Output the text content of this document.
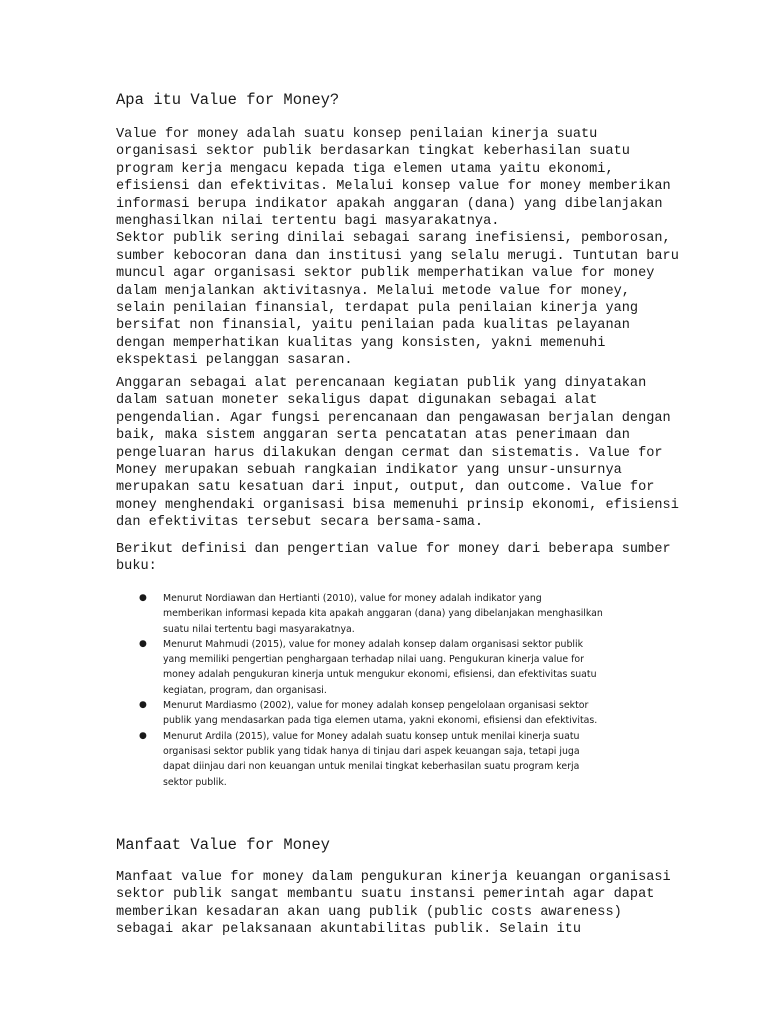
Apa itu Value for Money?
Value for money adalah suatu konsep penilaian kinerja suatu
organisasi sektor publik berdasarkan tingkat keberhasilan suatu
program kerja mengacu kepada tiga elemen utama yaitu ekonomi,
efisiensi dan efektivitas. Melalui konsep value for money memberikan
informasi berupa indikator apakah anggaran (dana) yang dibelanjakan
menghasilkan nilai tertentu bagi masyarakatnya.
Sektor publik sering dinilai sebagai sarang inefisiensi, pemborosan,
sumber kebocoran dana dan institusi yang selalu merugi. Tuntutan baru
muncul agar organisasi sektor publik memperhatikan value for money
dalam menjalankan aktivitasnya. Melalui metode value for money,
selain penilaian finansial, terdapat pula penilaian kinerja yang
bersifat non finansial, yaitu penilaian pada kualitas pelayanan
dengan memperhatikan kualitas yang konsisten, yakni memenuhi
ekspektasi pelanggan sasaran.
Anggaran sebagai alat perencanaan kegiatan publik yang dinyatakan
dalam satuan moneter sekaligus dapat digunakan sebagai alat
pengendalian. Agar fungsi perencanaan dan pengawasan berjalan dengan
baik, maka sistem anggaran serta pencatatan atas penerimaan dan
pengeluaran harus dilakukan dengan cermat dan sistematis. Value for
Money merupakan sebuah rangkaian indikator yang unsur-unsurnya
merupakan satu kesatuan dari input, output, dan outcome. Value for
money menghendaki organisasi bisa memenuhi prinsip ekonomi, efisiensi
dan efektivitas tersebut secara bersama-sama.
Berikut definisi dan pengertian value for money dari beberapa sumber
buku:
● Menurut Nordiawan dan Hertianti (2010), value for money adalah indikator yang
memberikan informasi kepada kita apakah anggaran (dana) yang dibelanjakan menghasilkan
suatu nilai tertentu bagi masyarakatnya.
● Menurut Mahmudi (2015), value for money adalah konsep dalam organisasi sektor publik
yang memiliki pengertian penghargaan terhadap nilai uang. Pengukuran kinerja value for
money adalah pengukuran kinerja untuk mengukur ekonomi, efisiensi, dan efektivitas suatu
kegiatan, program, dan organisasi.
● Menurut Mardiasmo (2002), value for money adalah konsep pengelolaan organisasi sektor
publik yang mendasarkan pada tiga elemen utama, yakni ekonomi, efisiensi dan efektivitas.
● Menurut Ardila (2015), value for Money adalah suatu konsep untuk menilai kinerja suatu
organisasi sektor publik yang tidak hanya di tinjau dari aspek keuangan saja, tetapi juga
dapat diinjau dari non keuangan untuk menilai tingkat keberhasilan suatu program kerja
sektor publik.
Manfaat Value for Money
Manfaat value for money dalam pengukuran kinerja keuangan organisasi
sektor publik sangat membantu suatu instansi pemerintah agar dapat
memberikan kesadaran akan uang publik (public costs awareness)
sebagai akar pelaksanaan akuntabilitas publik. Selain itu
